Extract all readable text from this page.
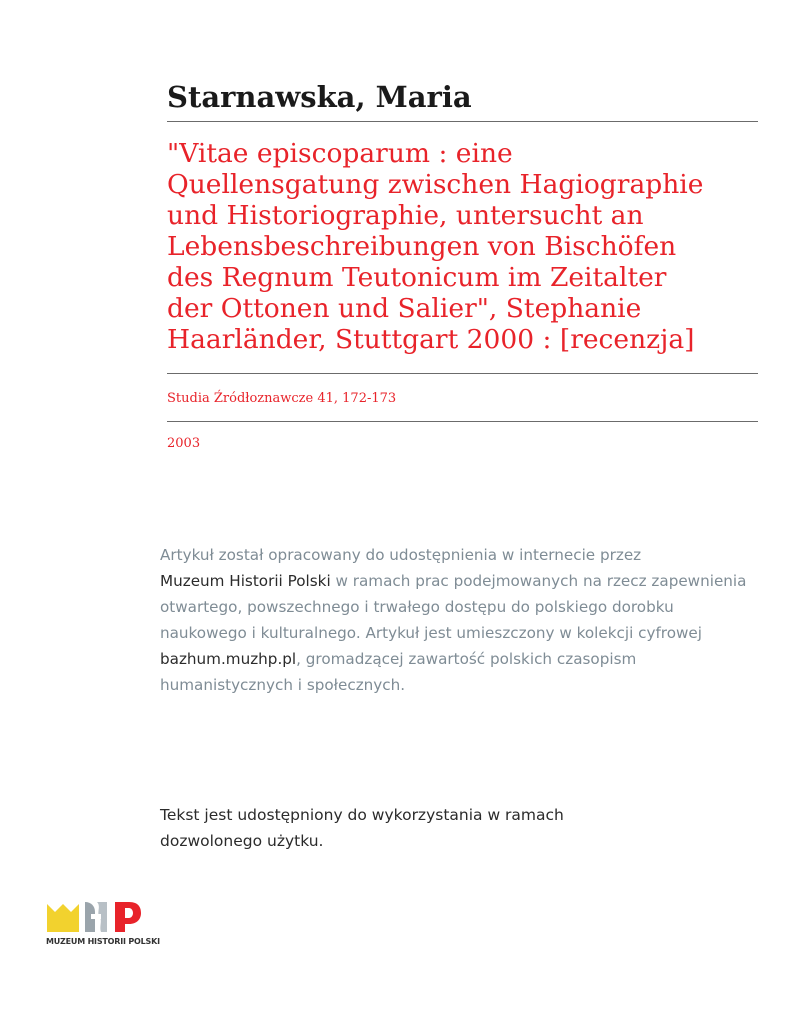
Starnawska, Maria
"Vitae episcoparum : eine
Quellensgatung zwischen Hagiographie
und Historiographie, untersucht an
Lebensbeschreibungen von Bischöfen
des Regnum Teutonicum im Zeitalter
der Ottonen und Salier", Stephanie
Haarländer, Stuttgart 2000 : [recenzja]
Studia Źródłoznawcze 41, 172-173
2003

Artykuł został opracowany do udostępnienia w internecie przez
Muzeum Historii Polski w ramach prac podejmowanych na rzecz zapewnienia otwartego, powszechnego i trwałego dostępu do polskiego dorobku naukowego i kulturalnego. Artykuł jest umieszczony w kolekcji cyfrowej bazhum.muzhp.pl, gromadzącej zawartość polskich czasopism humanistycznych i społecznych.

Tekst jest udostępniony do wykorzystania w ramach dozwolonego użytku.

MUZEUM HISTORII POLSKI
